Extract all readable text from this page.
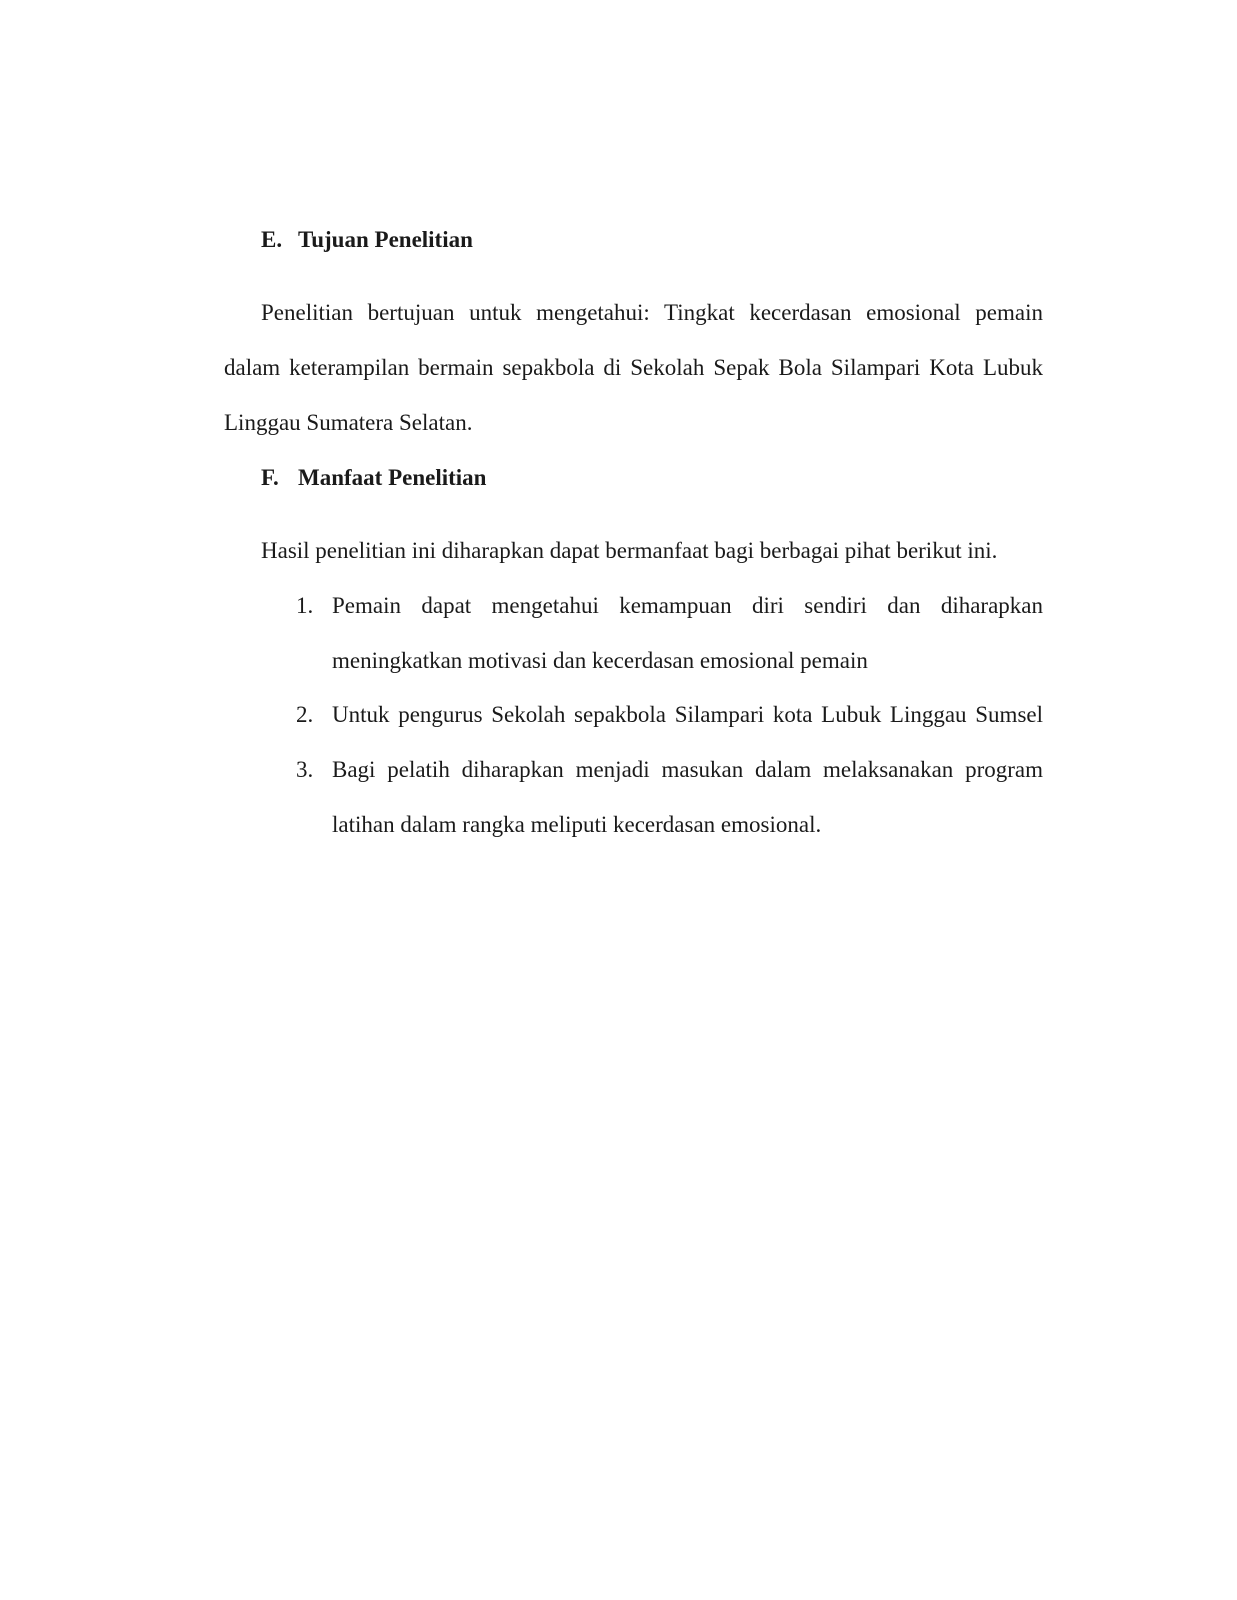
E. Tujuan Penelitian
Penelitian bertujuan untuk mengetahui: Tingkat kecerdasan emosional pemain
dalam keterampilan bermain sepakbola di Sekolah Sepak Bola Silampari Kota Lubuk
Linggau Sumatera Selatan.
F. Manfaat Penelitian
Hasil penelitian ini diharapkan dapat bermanfaat bagi berbagai pihat berikut ini.
1. Pemain dapat mengetahui kemampuan diri sendiri dan diharapkan
meningkatkan motivasi dan kecerdasan emosional pemain
2. Untuk pengurus Sekolah sepakbola Silampari kota Lubuk Linggau Sumsel
3. Bagi pelatih diharapkan menjadi masukan dalam melaksanakan program
latihan dalam rangka meliputi kecerdasan emosional.
